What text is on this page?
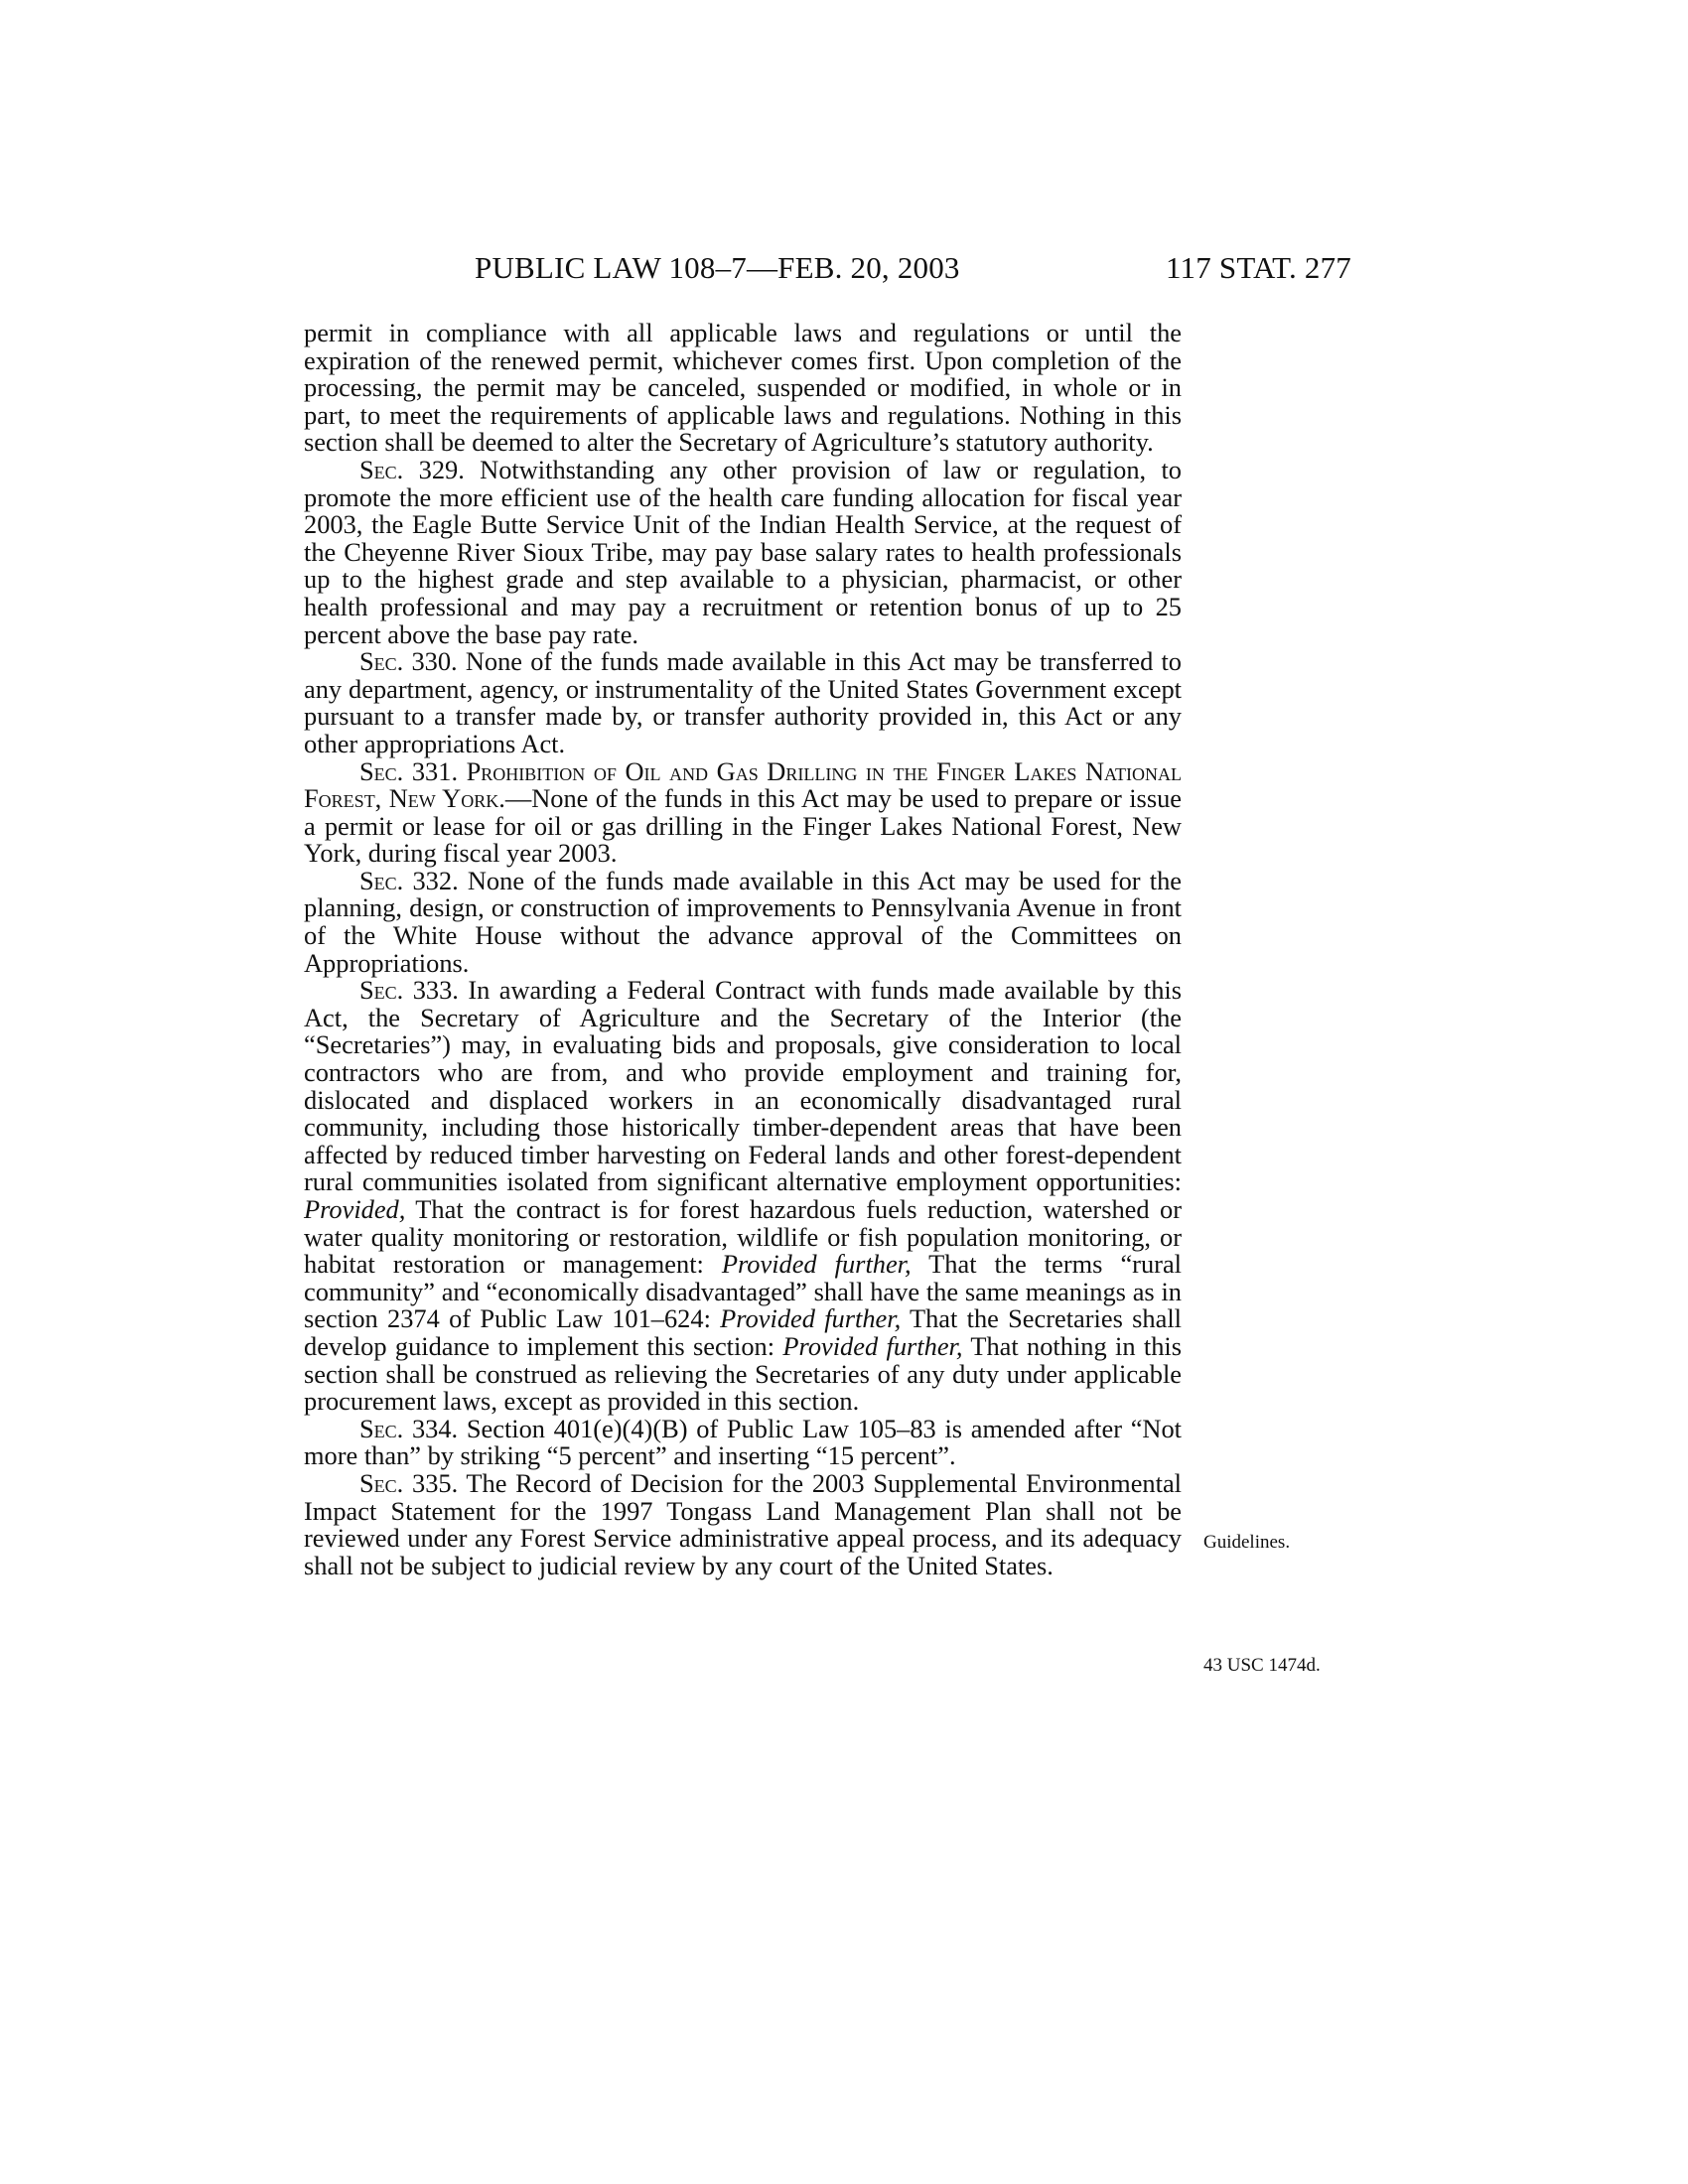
PUBLIC LAW 108–7—FEB. 20, 2003	117 STAT. 277

permit in compliance with all applicable laws and regulations or until the expiration of the renewed permit, whichever comes first. Upon completion of the processing, the permit may be canceled, suspended or modified, in whole or in part, to meet the requirements of applicable laws and regulations. Nothing in this section shall be deemed to alter the Secretary of Agriculture’s statutory authority.

Sec. 329. Notwithstanding any other provision of law or regulation, to promote the more efficient use of the health care funding allocation for fiscal year 2003, the Eagle Butte Service Unit of the Indian Health Service, at the request of the Cheyenne River Sioux Tribe, may pay base salary rates to health professionals up to the highest grade and step available to a physician, pharmacist, or other health professional and may pay a recruitment or retention bonus of up to 25 percent above the base pay rate.

Sec. 330. None of the funds made available in this Act may be transferred to any department, agency, or instrumentality of the United States Government except pursuant to a transfer made by, or transfer authority provided in, this Act or any other appropriations Act.

Sec. 331. Prohibition of Oil and Gas Drilling in the Finger Lakes National Forest, New York.—None of the funds in this Act may be used to prepare or issue a permit or lease for oil or gas drilling in the Finger Lakes National Forest, New York, during fiscal year 2003.

Sec. 332. None of the funds made available in this Act may be used for the planning, design, or construction of improvements to Pennsylvania Avenue in front of the White House without the advance approval of the Committees on Appropriations.

Sec. 333. In awarding a Federal Contract with funds made available by this Act, the Secretary of Agriculture and the Secretary of the Interior (the “Secretaries”) may, in evaluating bids and proposals, give consideration to local contractors who are from, and who provide employment and training for, dislocated and displaced workers in an economically disadvantaged rural community, including those historically timber-dependent areas that have been affected by reduced timber harvesting on Federal lands and other forest-dependent rural communities isolated from significant alternative employment opportunities: Provided, That the contract is for forest hazardous fuels reduction, watershed or water quality monitoring or restoration, wildlife or fish population monitoring, or habitat restoration or management: Provided further, That the terms “rural community” and “economically disadvantaged” shall have the same meanings as in section 2374 of Public Law 101–624: Provided further, That the Secretaries shall develop guidance to implement this section: Provided further, That nothing in this section shall be construed as relieving the Secretaries of any duty under applicable procurement laws, except as provided in this section.

Sec. 334. Section 401(e)(4)(B) of Public Law 105–83 is amended after “Not more than” by striking “5 percent” and inserting “15 percent”.

Sec. 335. The Record of Decision for the 2003 Supplemental Environmental Impact Statement for the 1997 Tongass Land Management Plan shall not be reviewed under any Forest Service administrative appeal process, and its adequacy shall not be subject to judicial review by any court of the United States.

Guidelines.
43 USC 1474d.
